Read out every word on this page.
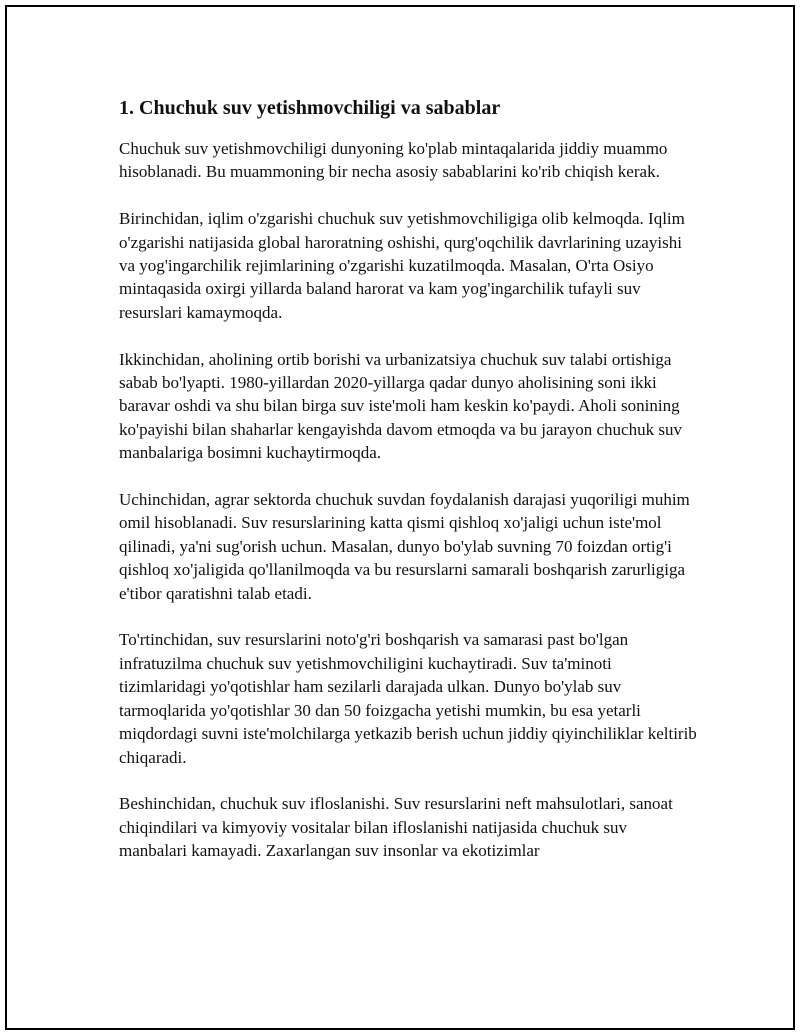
1. Chuchuk suv yetishmovchiligi va sabablar

Chuchuk suv yetishmovchiligi dunyoning ko'plab mintaqalarida jiddiy muammo hisoblanadi. Bu muammoning bir necha asosiy sabablarini ko'rib chiqish kerak.

Birinchidan, iqlim o'zgarishi chuchuk suv yetishmovchiligiga olib kelmoqda. Iqlim o'zgarishi natijasida global haroratning oshishi, qurg'oqchilik davrlarining uzayishi va yog'ingarchilik rejimlarining o'zgarishi kuzatilmoqda. Masalan, O'rta Osiyo mintaqasida oxirgi yillarda baland harorat va kam yog'ingarchilik tufayli suv resurslari kamaymoqda.

Ikkinchidan, aholining ortib borishi va urbanizatsiya chuchuk suv talabi ortishiga sabab bo'lyapti. 1980-yillardan 2020-yillarga qadar dunyo aholisining soni ikki baravar oshdi va shu bilan birga suv iste'moli ham keskin ko'paydi. Aholi sonining ko'payishi bilan shaharlar kengayishda davom etmoqda va bu jarayon chuchuk suv manbalariga bosimni kuchaytirmoqda.

Uchinchidan, agrar sektorda chuchuk suvdan foydalanish darajasi yuqoriligi muhim omil hisoblanadi. Suv resurslarining katta qismi qishloq xo'jaligi uchun iste'mol qilinadi, ya'ni sug'orish uchun. Masalan, dunyo bo'ylab suvning 70 foizdan ortig'i qishloq xo'jaligida qo'llanilmoqda va bu resurslarni samarali boshqarish zarurligiga e'tibor qaratishni talab etadi.

To'rtinchidan, suv resurslarini noto'g'ri boshqarish va samarasi past bo'lgan infratuzilma chuchuk suv yetishmovchiligini kuchaytiradi. Suv ta'minoti tizimlaridagi yo'qotishlar ham sezilarli darajada ulkan. Dunyo bo'ylab suv tarmoqlarida yo'qotishlar 30 dan 50 foizgacha yetishi mumkin, bu esa yetarli miqdordagi suvni iste'molchilarga yetkazib berish uchun jiddiy qiyinchiliklar keltirib chiqaradi.

Beshinchidan, chuchuk suv ifloslanishi. Suv resurslarini neft mahsulotlari, sanoat chiqindilari va kimyoviy vositalar bilan ifloslanishi natijasida chuchuk suv manbalari kamayadi. Zaxarlangan suv insonlar va ekotizimlar
